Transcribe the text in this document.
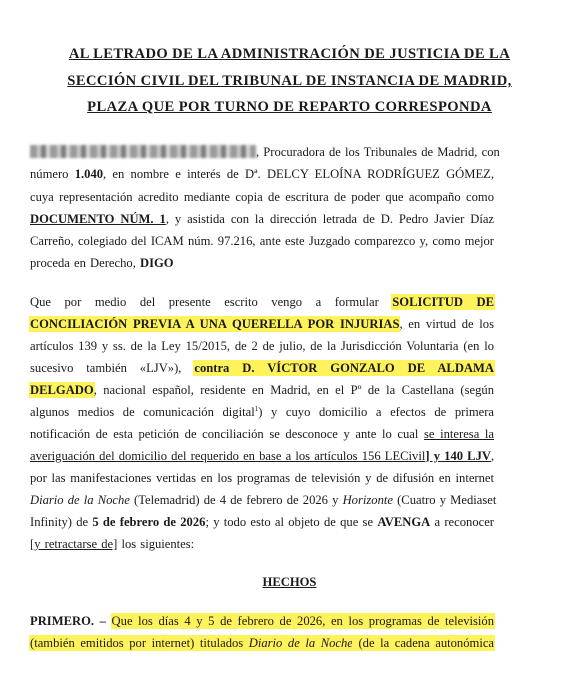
AL LETRADO DE LA ADMINISTRACIÓN DE JUSTICIA DE LA
SECCIÓN CIVIL DEL TRIBUNAL DE INSTANCIA DE MADRID,
PLAZA QUE POR TURNO DE REPARTO CORRESPONDA
, Procuradora de los Tribunales de Madrid, con
número 1.040, en nombre e interés de Dª. DELCY ELOÍNA RODRÍGUEZ GÓMEZ,
cuya representación acredito mediante copia de escritura de poder que acompaño como
DOCUMENTO NÚM. 1, y asistida con la dirección letrada de D. Pedro Javier Díaz
Carreño, colegiado del ICAM núm. 97.216, ante este Juzgado comparezco y, como mejor
proceda en Derecho, DIGO
Que por medio del presente escrito vengo a formular SOLICITUD DE
CONCILIACIÓN PREVIA A UNA QUERELLA POR INJURIAS, en virtud de los
artículos 139 y ss. de la Ley 15/2015, de 2 de julio, de la Jurisdicción Voluntaria (en lo
sucesivo también «LJV»), contra D. VÍCTOR GONZALO DE ALDAMA
DELGADO, nacional español, residente en Madrid, en el Pº de la Castellana (según
algunos medios de comunicación digital$^1$) y cuyo domicilio a efectos de primera
notificación de esta petición de conciliación se desconoce y ante lo cual se interesa la
averiguación del domicilio del requerido en base a los artículos 156 LECivil] y 140 LJV,
por las manifestaciones vertidas en los programas de televisión y de difusión en internet
Diario de la Noche (Telemadrid) de 4 de febrero de 2026 y Horizonte (Cuatro y Mediaset
Infinity) de 5 de febrero de 2026; y todo esto al objeto de que se AVENGA a reconocer
[y retractarse de] los siguientes:
HECHOS
PRIMERO. – Que los días 4 y 5 de febrero de 2026, en los programas de televisión
(también emitidos por internet) titulados Diario de la Noche (de la cadena autonómica
